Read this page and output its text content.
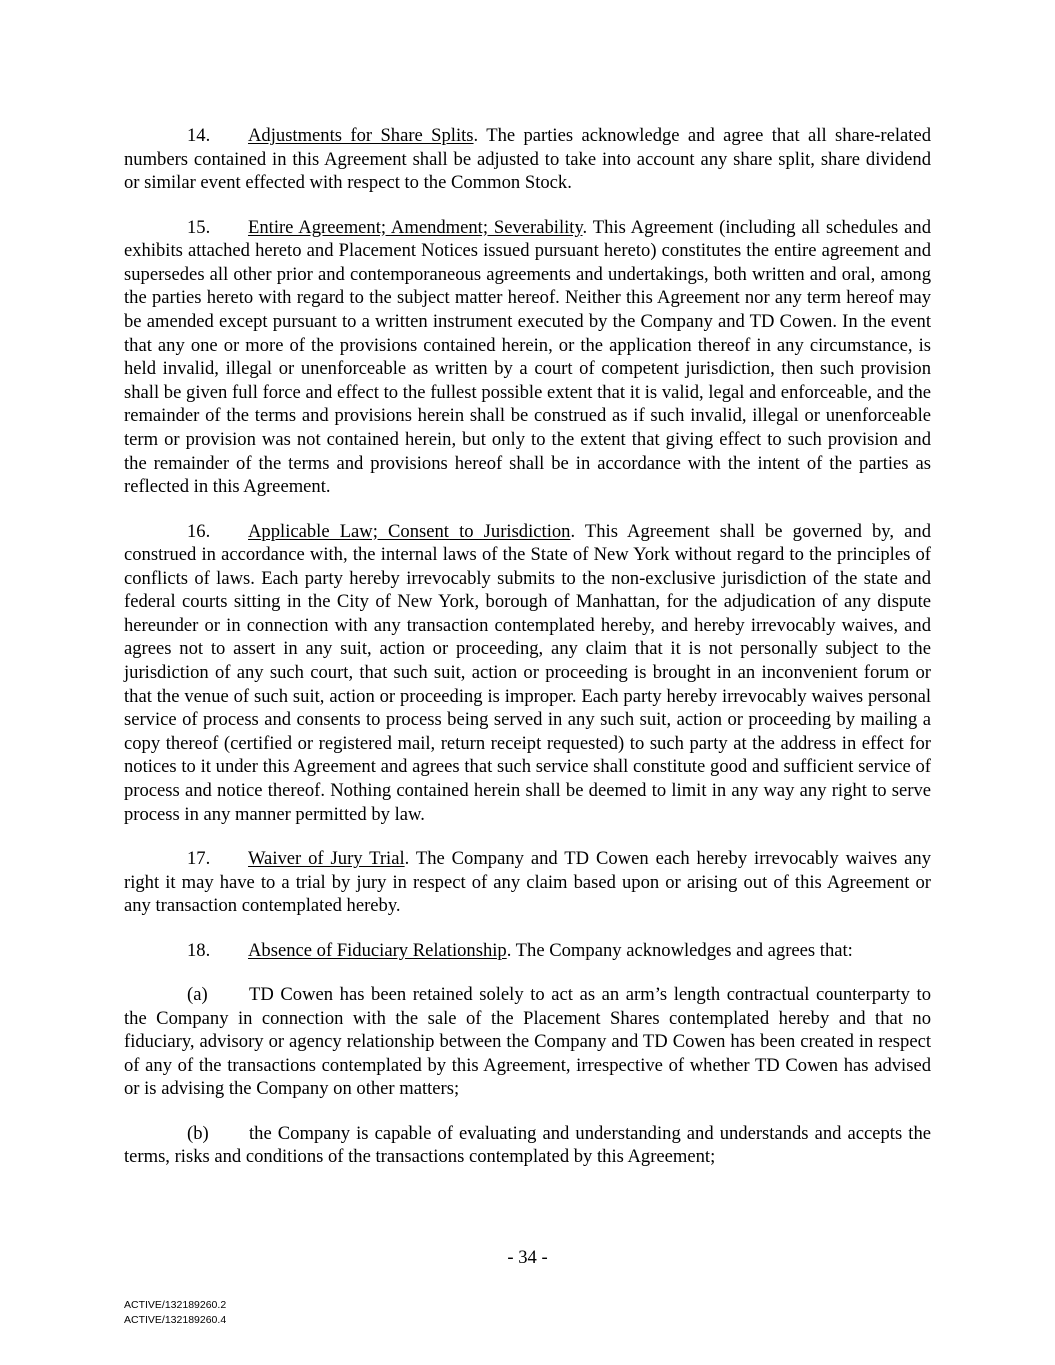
14. Adjustments for Share Splits. The parties acknowledge and agree that all share-related numbers contained in this Agreement shall be adjusted to take into account any share split, share dividend or similar event effected with respect to the Common Stock.

15. Entire Agreement; Amendment; Severability. This Agreement (including all schedules and exhibits attached hereto and Placement Notices issued pursuant hereto) constitutes the entire agreement and supersedes all other prior and contemporaneous agreements and undertakings, both written and oral, among the parties hereto with regard to the subject matter hereof. Neither this Agreement nor any term hereof may be amended except pursuant to a written instrument executed by the Company and TD Cowen. In the event that any one or more of the provisions contained herein, or the application thereof in any circumstance, is held invalid, illegal or unenforceable as written by a court of competent jurisdiction, then such provision shall be given full force and effect to the fullest possible extent that it is valid, legal and enforceable, and the remainder of the terms and provisions herein shall be construed as if such invalid, illegal or unenforceable term or provision was not contained herein, but only to the extent that giving effect to such provision and the remainder of the terms and provisions hereof shall be in accordance with the intent of the parties as reflected in this Agreement.

16. Applicable Law; Consent to Jurisdiction. This Agreement shall be governed by, and construed in accordance with, the internal laws of the State of New York without regard to the principles of conflicts of laws. Each party hereby irrevocably submits to the non-exclusive jurisdiction of the state and federal courts sitting in the City of New York, borough of Manhattan, for the adjudication of any dispute hereunder or in connection with any transaction contemplated hereby, and hereby irrevocably waives, and agrees not to assert in any suit, action or proceeding, any claim that it is not personally subject to the jurisdiction of any such court, that such suit, action or proceeding is brought in an inconvenient forum or that the venue of such suit, action or proceeding is improper. Each party hereby irrevocably waives personal service of process and consents to process being served in any such suit, action or proceeding by mailing a copy thereof (certified or registered mail, return receipt requested) to such party at the address in effect for notices to it under this Agreement and agrees that such service shall constitute good and sufficient service of process and notice thereof. Nothing contained herein shall be deemed to limit in any way any right to serve process in any manner permitted by law.

17. Waiver of Jury Trial. The Company and TD Cowen each hereby irrevocably waives any right it may have to a trial by jury in respect of any claim based upon or arising out of this Agreement or any transaction contemplated hereby.

18. Absence of Fiduciary Relationship. The Company acknowledges and agrees that:

(a) TD Cowen has been retained solely to act as an arm’s length contractual counterparty to the Company in connection with the sale of the Placement Shares contemplated hereby and that no fiduciary, advisory or agency relationship between the Company and TD Cowen has been created in respect of any of the transactions contemplated by this Agreement, irrespective of whether TD Cowen has advised or is advising the Company on other matters;

(b) the Company is capable of evaluating and understanding and understands and accepts the terms, risks and conditions of the transactions contemplated by this Agreement;

- 34 -
ACTIVE/132189260.2
ACTIVE/132189260.4
